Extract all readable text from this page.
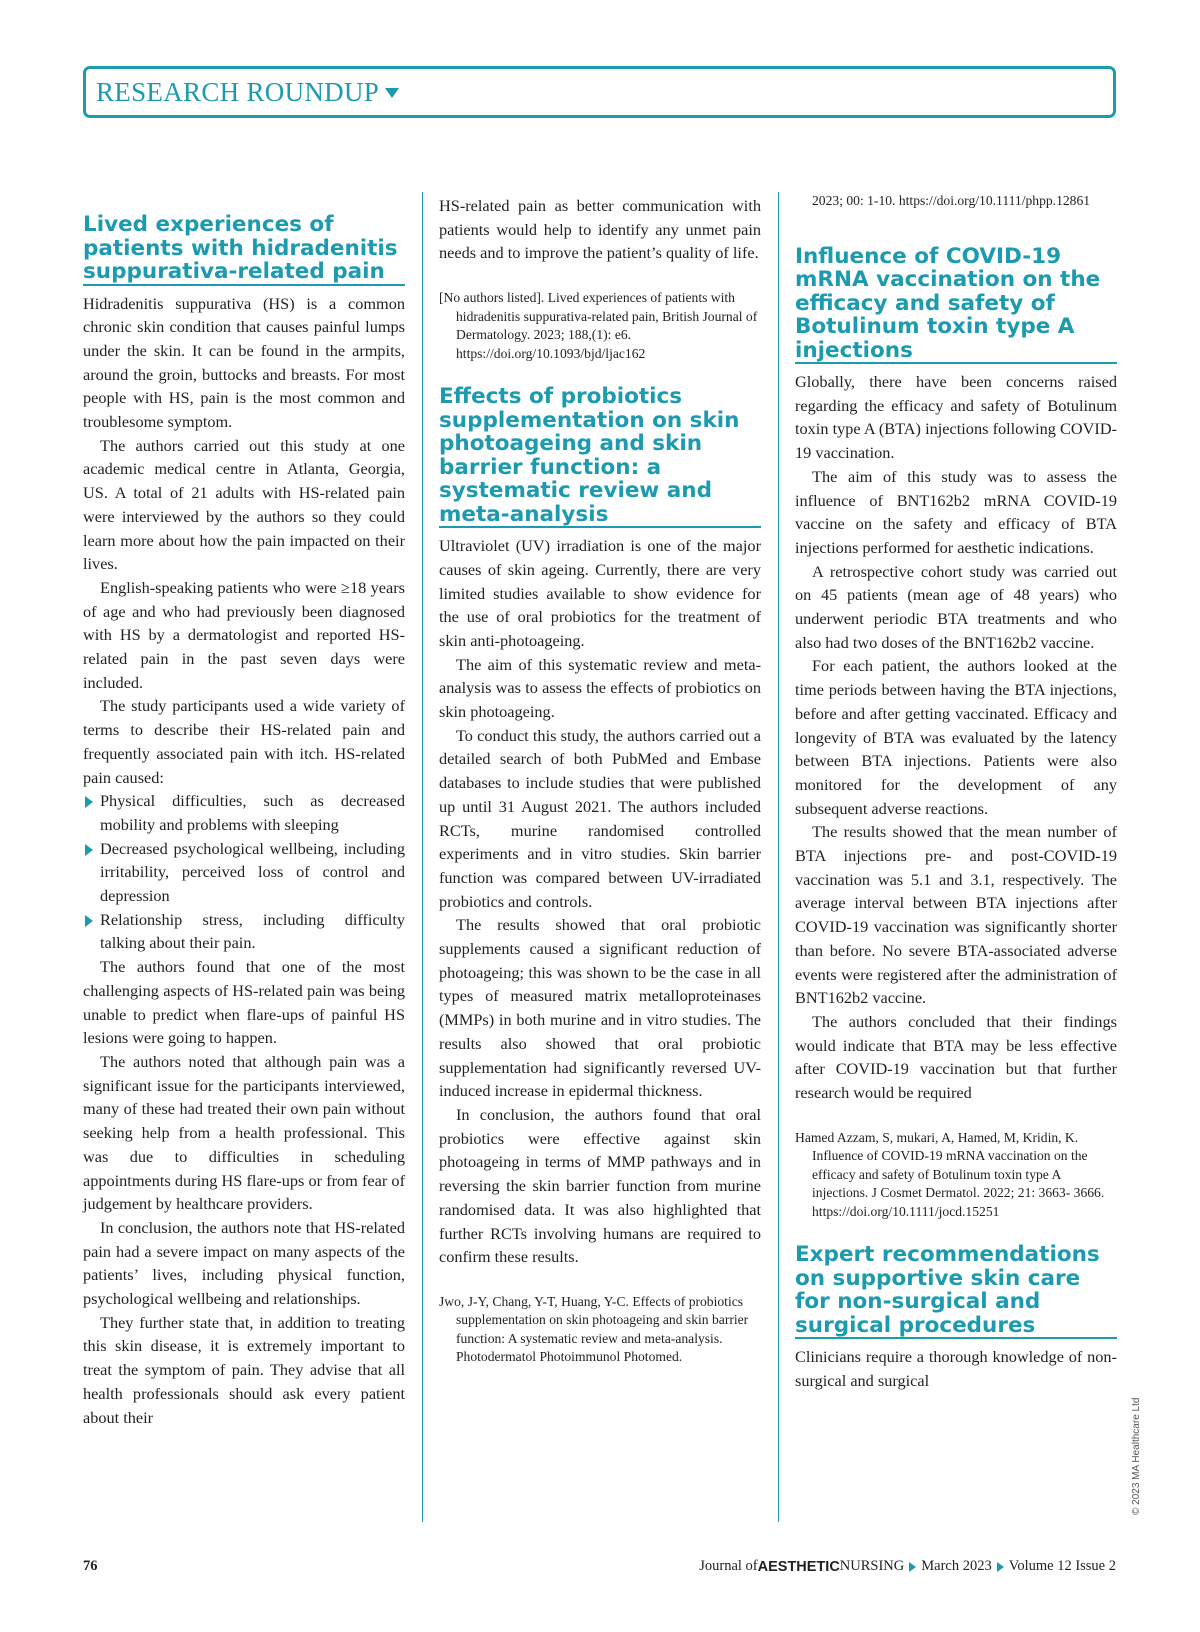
RESEARCH ROUNDUP
Lived experiences of patients with hidradenitis suppurativa-related pain

Hidradenitis suppurativa (HS) is a common chronic skin condition that causes painful lumps under the skin. It can be found in the armpits, around the groin, buttocks and breasts. For most people with HS, pain is the most common and troublesome symptom.

The authors carried out this study at one academic medical centre in Atlanta, Georgia, US. A total of 21 adults with HS-related pain were interviewed by the authors so they could learn more about how the pain impacted on their lives.

English-speaking patients who were ≥18 years of age and who had previously been diagnosed with HS by a dermatologist and reported HS-related pain in the past seven days were included.

The study participants used a wide variety of terms to describe their HS-related pain and frequently associated pain with itch. HS-related pain caused:

Physical difficulties, such as decreased mobility and problems with sleeping
Decreased psychological wellbeing, including irritability, perceived loss of control and depression
Relationship stress, including difficulty talking about their pain.

The authors found that one of the most challenging aspects of HS-related pain was being unable to predict when flare-ups of painful HS lesions were going to happen.

The authors noted that although pain was a significant issue for the participants interviewed, many of these had treated their own pain without seeking help from a health professional. This was due to difficulties in scheduling appointments during HS flare-ups or from fear of judgement by healthcare providers.

In conclusion, the authors note that HS-related pain had a severe impact on many aspects of the patients’ lives, including physical function, psychological wellbeing and relationships.

They further state that, in addition to treating this skin disease, it is extremely important to treat the symptom of pain. They advise that all health professionals should ask every patient about their

HS-related pain as better communication with patients would help to identify any unmet pain needs and to improve the patient’s quality of life.

[No authors listed]. Lived experiences of patients with hidradenitis suppurativa-related pain, British Journal of Dermatology. 2023; 188,(1): e6. https://doi.org/10.1093/bjd/ljac162

Effects of probiotics supplementation on skin photoageing and skin barrier function: a systematic review and meta-analysis

Ultraviolet (UV) irradiation is one of the major causes of skin ageing. Currently, there are very limited studies available to show evidence for the use of oral probiotics for the treatment of skin anti-photoageing.

The aim of this systematic review and meta-analysis was to assess the effects of probiotics on skin photoageing.

To conduct this study, the authors carried out a detailed search of both PubMed and Embase databases to include studies that were published up until 31 August 2021. The authors included RCTs, murine randomised controlled experiments and in vitro studies. Skin barrier function was compared between UV-irradiated probiotics and controls.

The results showed that oral probiotic supplements caused a significant reduction of photoageing; this was shown to be the case in all types of measured matrix metalloproteinases (MMPs) in both murine and in vitro studies. The results also showed that oral probiotic supplementation had significantly reversed UV-induced increase in epidermal thickness.

In conclusion, the authors found that oral probiotics were effective against skin photoageing in terms of MMP pathways and in reversing the skin barrier function from murine randomised data. It was also highlighted that further RCTs involving humans are required to confirm these results.

Jwo, J-Y, Chang, Y-T, Huang, Y-C. Effects of probiotics supplementation on skin photoageing and skin barrier function: A systematic review and meta-analysis. Photodermatol Photoimmunol Photomed.

2023; 00: 1-10. https://doi.org/10.1111/phpp.12861

Influence of COVID-19 mRNA vaccination on the efficacy and safety of Botulinum toxin type A injections

Globally, there have been concerns raised regarding the efficacy and safety of Botulinum toxin type A (BTA) injections following COVID-19 vaccination.

The aim of this study was to assess the influence of BNT162b2 mRNA COVID-19 vaccine on the safety and efficacy of BTA injections performed for aesthetic indications.

A retrospective cohort study was carried out on 45 patients (mean age of 48 years) who underwent periodic BTA treatments and who also had two doses of the BNT162b2 vaccine.

For each patient, the authors looked at the time periods between having the BTA injections, before and after getting vaccinated. Efficacy and longevity of BTA was evaluated by the latency between BTA injections. Patients were also monitored for the development of any subsequent adverse reactions.

The results showed that the mean number of BTA injections pre- and post-COVID-19 vaccination was 5.1 and 3.1, respectively. The average interval between BTA injections after COVID-19 vaccination was significantly shorter than before. No severe BTA-associated adverse events were registered after the administration of BNT162b2 vaccine.

The authors concluded that their findings would indicate that BTA may be less effective after COVID-19 vaccination but that further research would be required

Hamed Azzam, S, mukari, A, Hamed, M, Kridin, K. Influence of COVID-19 mRNA vaccination on the efficacy and safety of Botulinum toxin type A injections. J Cosmet Dermatol. 2022; 21: 3663- 3666. https://doi.org/10.1111/jocd.15251

Expert recommendations on supportive skin care for non-surgical and surgical procedures

Clinicians require a thorough knowledge of non-surgical and surgical

© 2023 MA Healthcare Ltd
76	Journal of AESTHETIC NURSING March 2023 Volume 12 Issue 2
